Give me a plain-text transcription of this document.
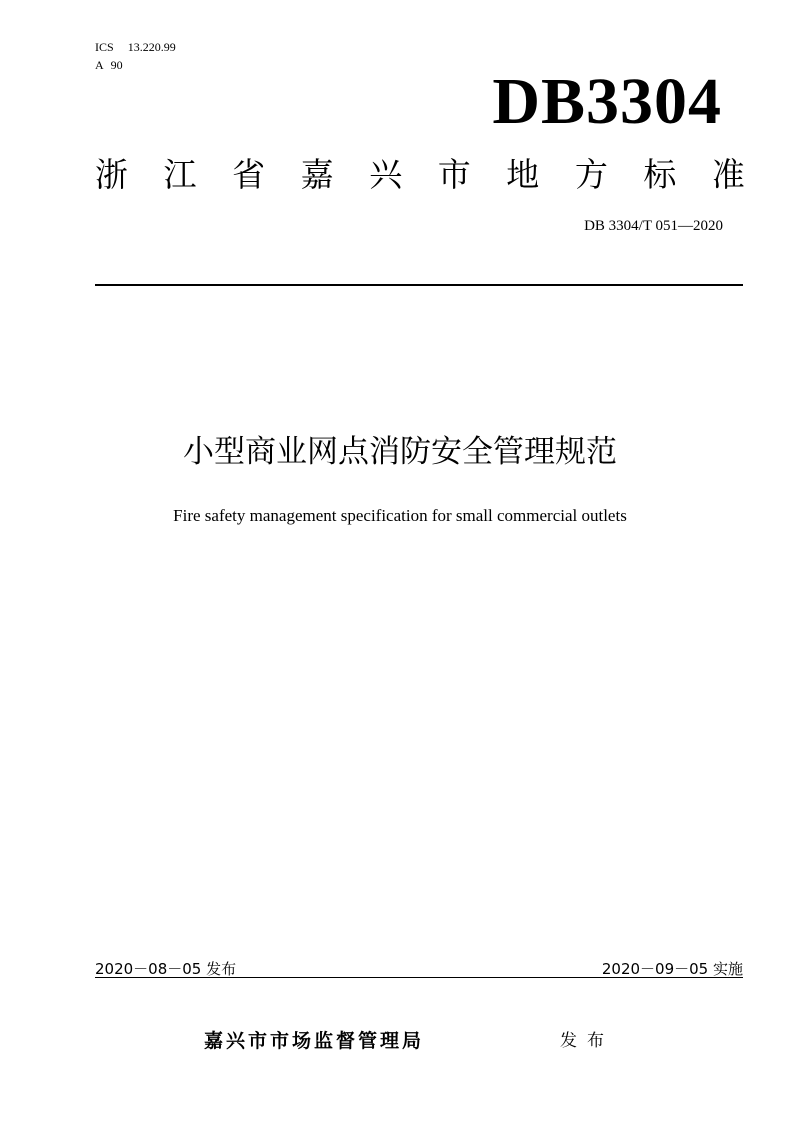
ICS 13.220.99
A 90	DB3304
浙 江 省 嘉 兴 市 地 方 标 准
DB 3304/T 051—2020
小型商业网点消防安全管理规范
Fire safety management specification for small commercial outlets
2020－08－05 发布	2020－09－05 实施
嘉兴市市场监督管理局	发布
